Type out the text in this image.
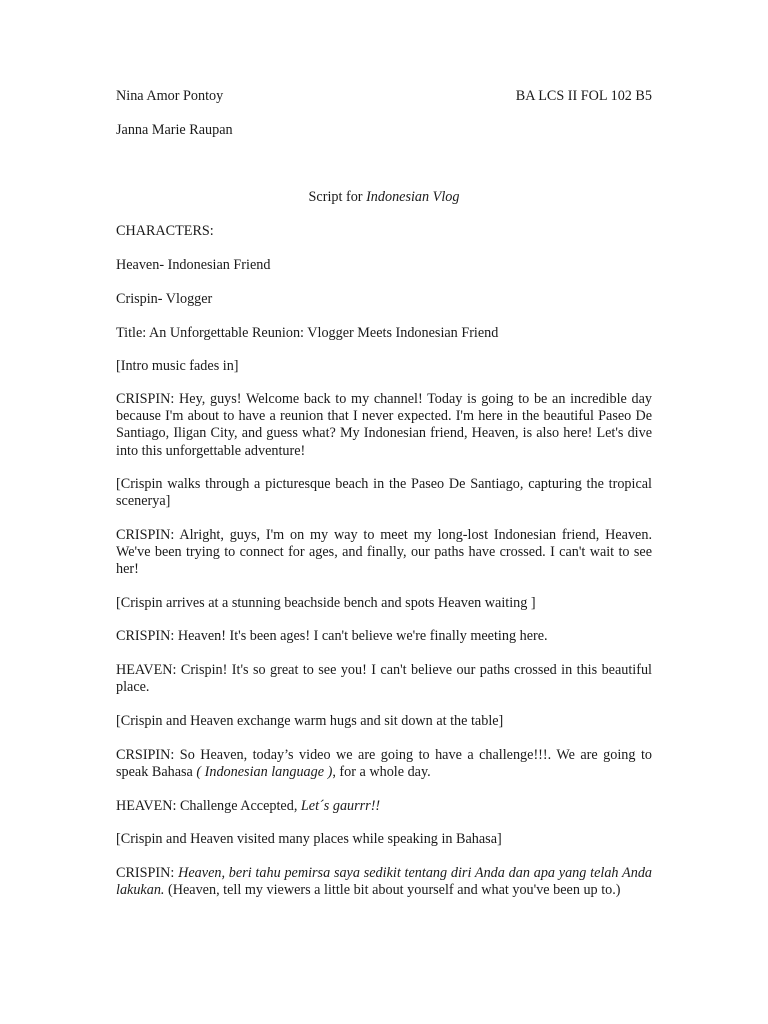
Nina Amor Pontoy	BA LCS II FOL 102 B5
Janna Marie Raupan
Script for Indonesian Vlog
CHARACTERS:
Heaven- Indonesian Friend
Crispin- Vlogger
Title: An Unforgettable Reunion: Vlogger Meets Indonesian Friend
[Intro music fades in]
CRISPIN: Hey, guys! Welcome back to my channel! Today is going to be an incredible day because I'm about to have a reunion that I never expected. I'm here in the beautiful Paseo De Santiago, Iligan City, and guess what? My Indonesian friend, Heaven, is also here! Let's dive into this unforgettable adventure!
[Crispin walks through a picturesque beach in the Paseo De Santiago, capturing the tropical scenerya]
CRISPIN: Alright, guys, I'm on my way to meet my long-lost Indonesian friend, Heaven. We've been trying to connect for ages, and finally, our paths have crossed. I can't wait to see her!
[Crispin arrives at a stunning beachside bench and spots Heaven waiting ]
CRISPIN: Heaven! It's been ages! I can't believe we're finally meeting here.
HEAVEN: Crispin! It's so great to see you! I can't believe our paths crossed in this beautiful place.
[Crispin and Heaven exchange warm hugs and sit down at the table]
CRSIPIN: So Heaven, today’s video we are going to have a challenge!!!. We are going to speak Bahasa ( Indonesian language ), for a whole day.
HEAVEN: Challenge Accepted, Let´s gaurrr!!
[Crispin and Heaven visited many places while speaking in Bahasa]
CRISPIN: Heaven, beri tahu pemirsa saya sedikit tentang diri Anda dan apa yang telah Anda lakukan. (Heaven, tell my viewers a little bit about yourself and what you've been up to.)
